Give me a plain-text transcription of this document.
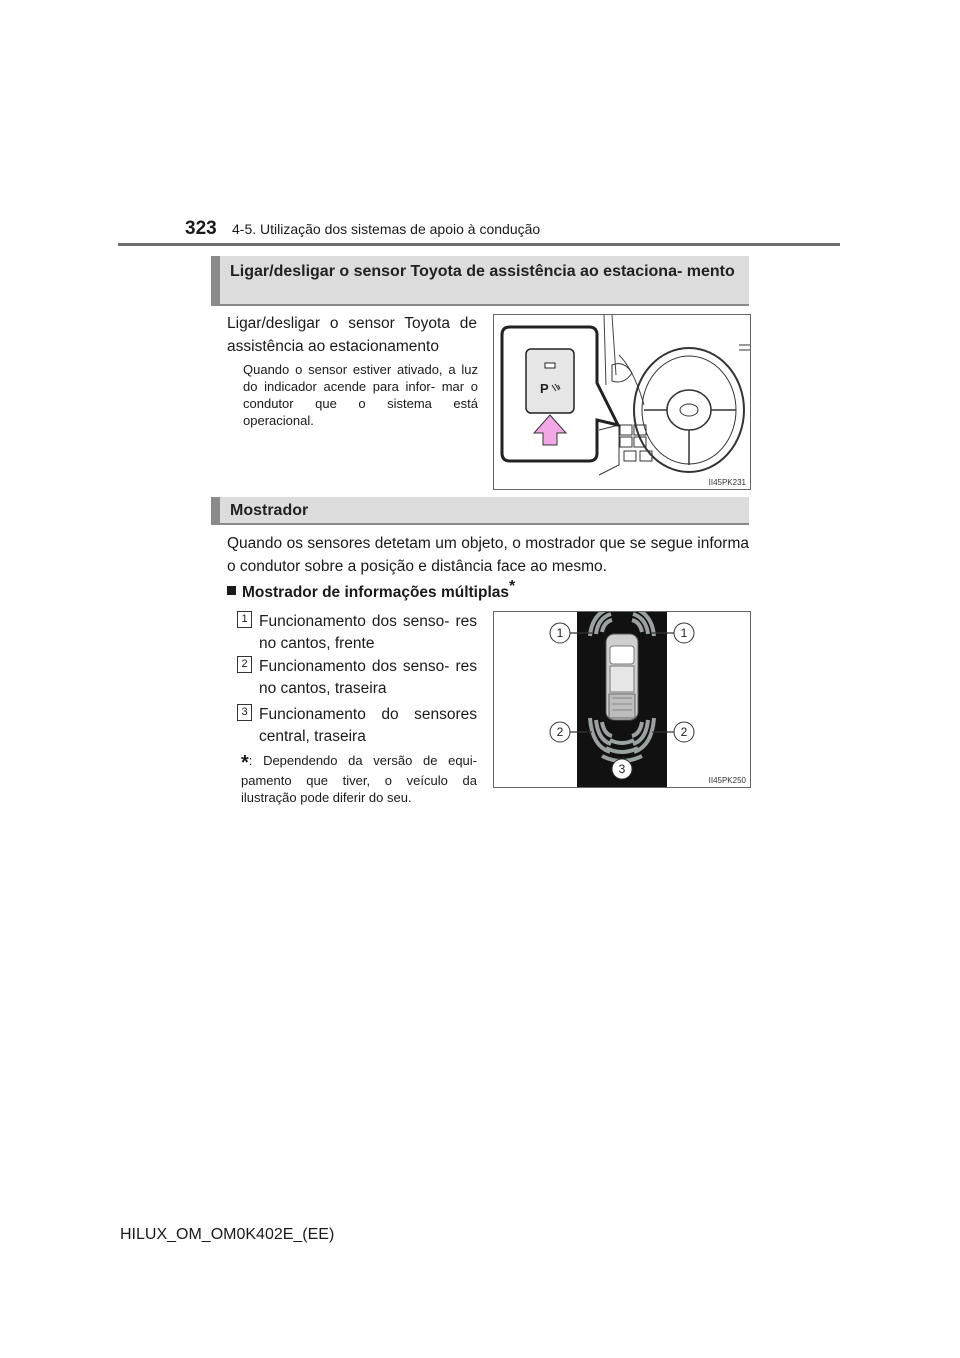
323 4-5. Utilização dos sistemas de apoio à condução
Ligar/desligar o sensor Toyota de assistência ao estaciona- mento
Ligar/desligar o sensor Toyota de assistência ao estacionamento
Quando o sensor estiver ativado, a luz do indicador acende para infor- mar o condutor que o sistema está operacional.
P
II45PK231
Mostrador
Quando os sensores detetam um objeto, o mostrador que se segue informa o condutor sobre a posição e distância face ao mesmo.
Mostrador de informações múltiplas*
1 Funcionamento dos senso- res no cantos, frente
2 Funcionamento dos senso- res no cantos, traseira
3 Funcionamento do sensores central, traseira
*: Dependendo da versão de equi- pamento que tiver, o veículo da ilustração pode diferir do seu.
1	1
2	2
3
II45PK250
HILUX_OM_OM0K402E_(EE)
